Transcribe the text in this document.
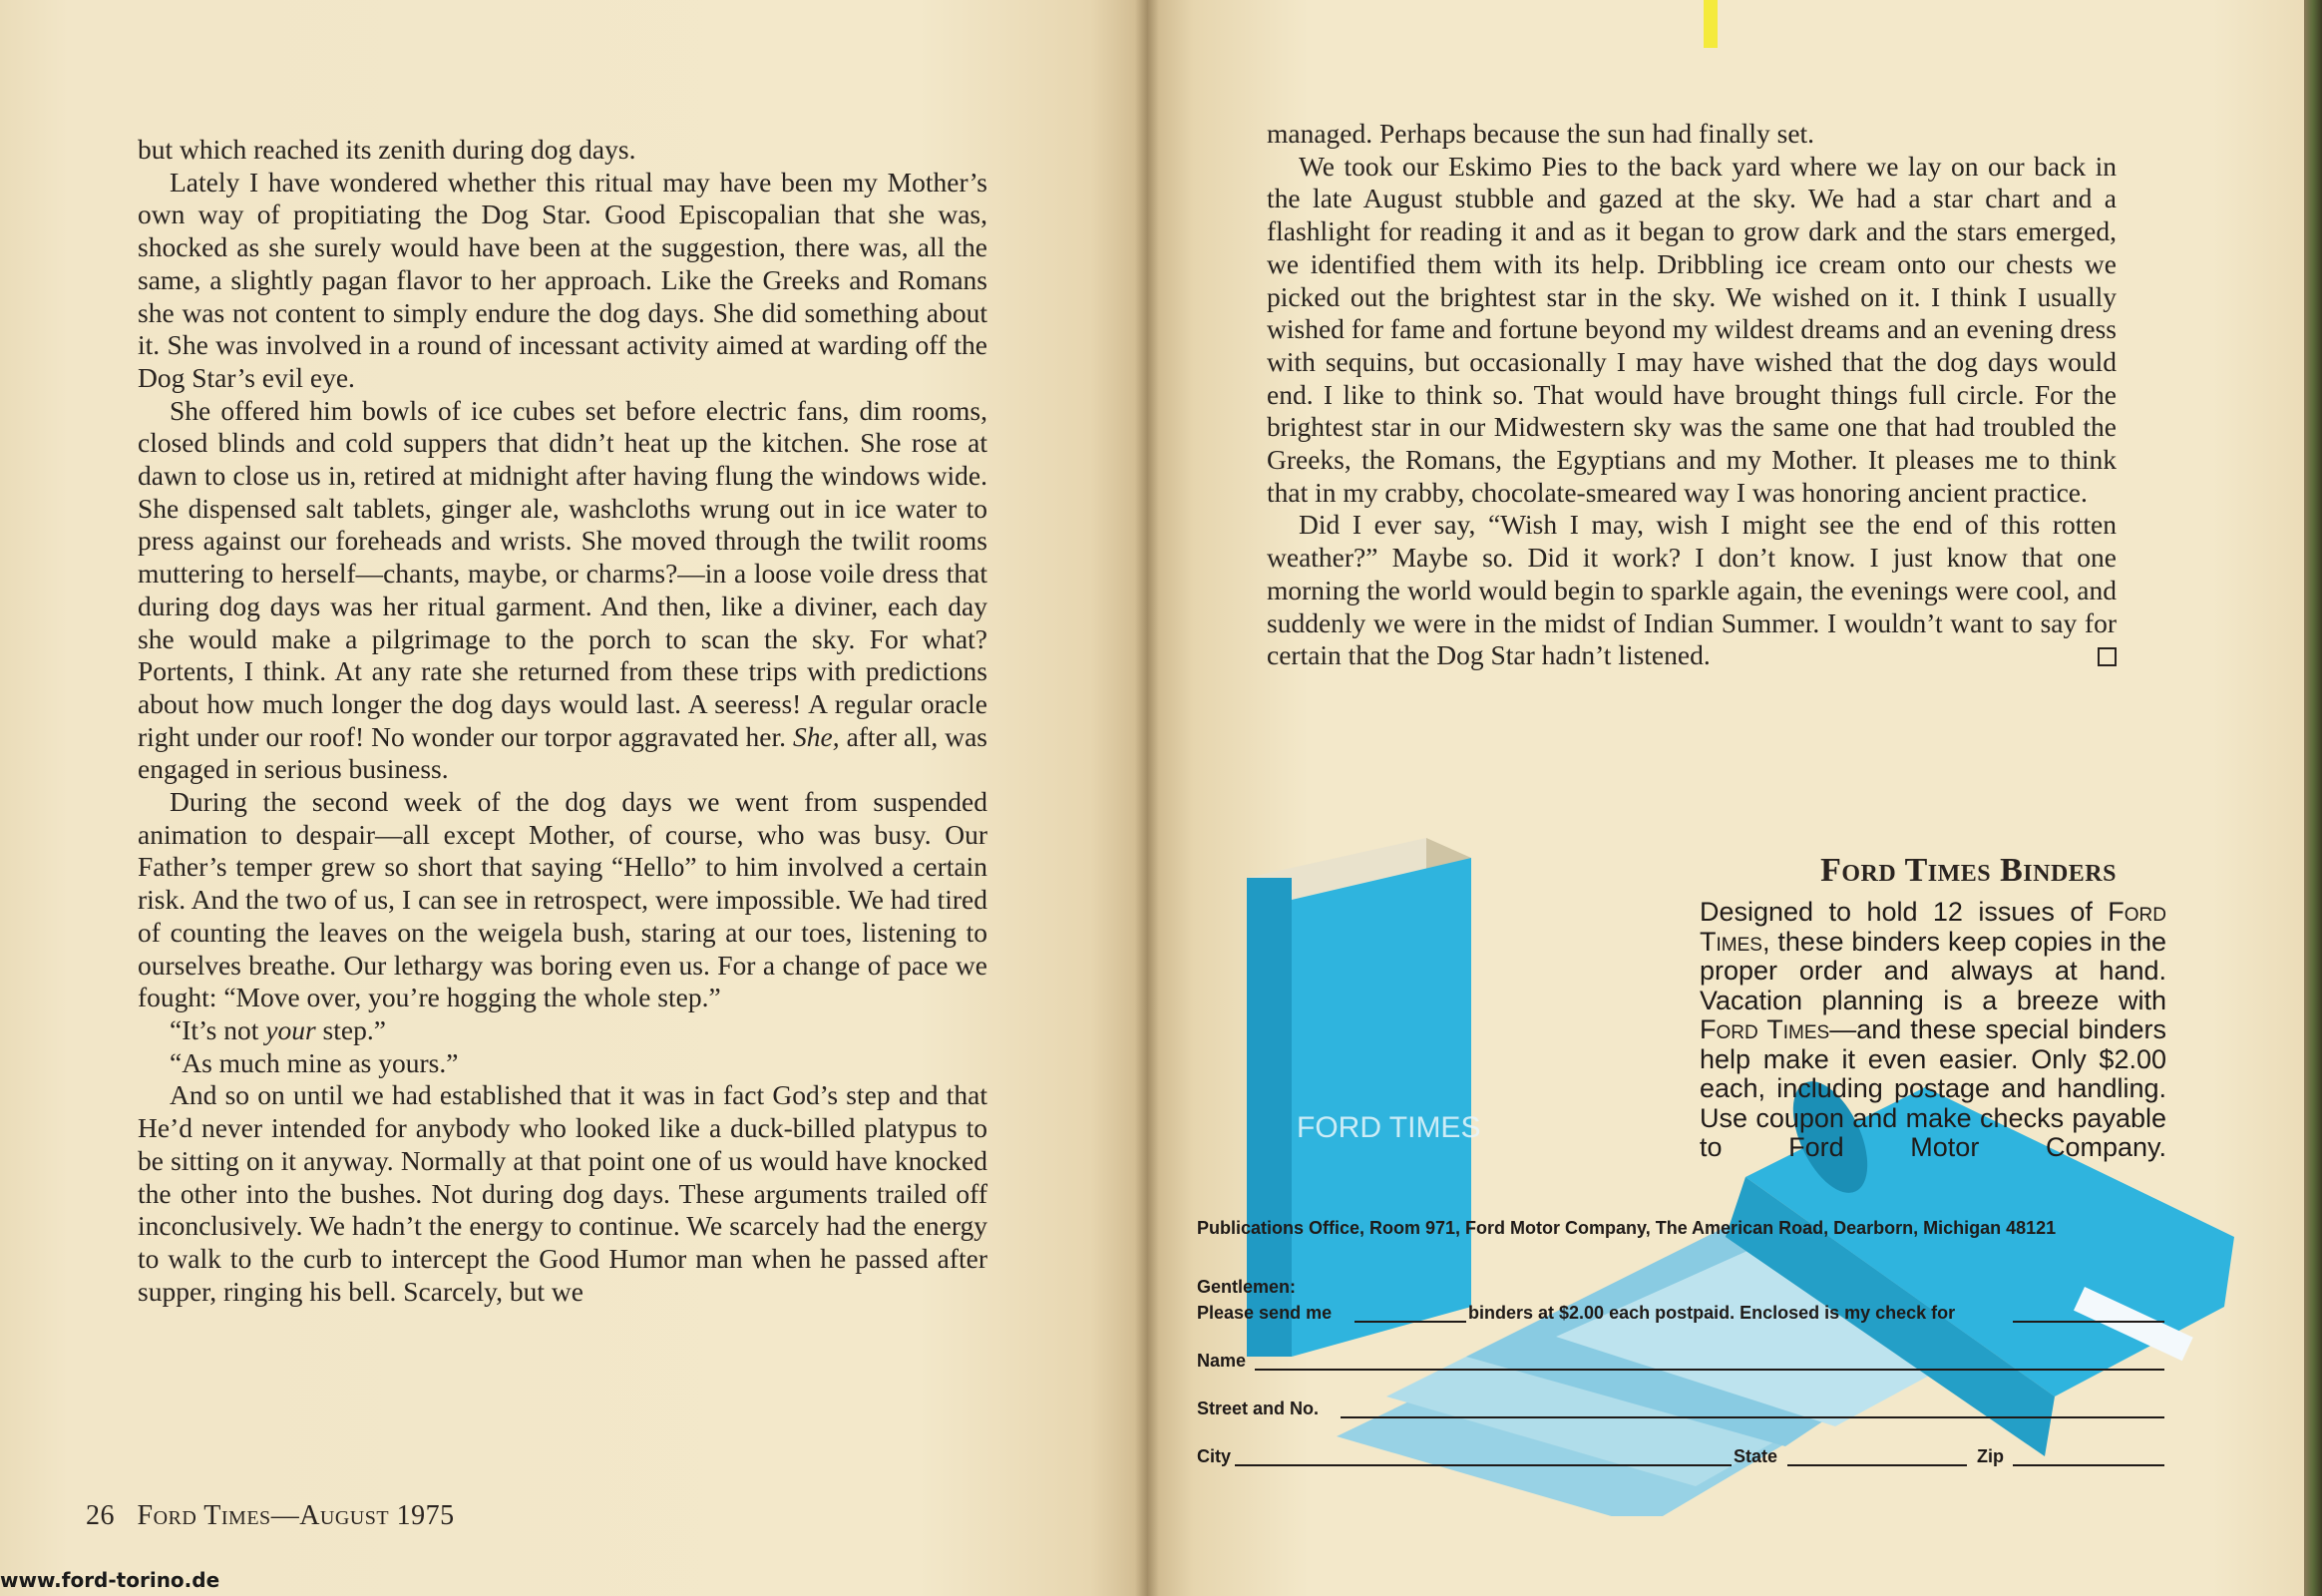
but which reached its zenith during dog days.

Lately I have wondered whether this ritual may have been my Mother’s own way of propitiating the Dog Star. Good Episcopalian that she was, shocked as she surely would have been at the suggestion, there was, all the same, a slightly pagan flavor to her approach. Like the Greeks and Romans she was not content to simply endure the dog days. She did something about it. She was involved in a round of incessant activity aimed at warding off the Dog Star’s evil eye.

She offered him bowls of ice cubes set before electric fans, dim rooms, closed blinds and cold suppers that didn’t heat up the kitchen. She rose at dawn to close us in, retired at midnight after having flung the windows wide. She dispensed salt tablets, ginger ale, washcloths wrung out in ice water to press against our foreheads and wrists. She moved through the twilit rooms muttering to herself—chants, maybe, or charms?—in a loose voile dress that during dog days was her ritual garment. And then, like a diviner, each day she would make a pilgrimage to the porch to scan the sky. For what? Portents, I think. At any rate she returned from these trips with predictions about how much longer the dog days would last. A seeress! A regular oracle right under our roof! No wonder our torpor aggravated her. She, after all, was engaged in serious business.

During the second week of the dog days we went from suspended animation to despair—all except Mother, of course, who was busy. Our Father’s temper grew so short that saying “Hello” to him involved a certain risk. And the two of us, I can see in retrospect, were impossible. We had tired of counting the leaves on the weigela bush, staring at our toes, listening to ourselves breathe. Our lethargy was boring even us. For a change of pace we fought: “Move over, you’re hogging the whole step.”

“It’s not your step.”

“As much mine as yours.”

And so on until we had established that it was in fact God’s step and that He’d never intended for anybody who looked like a duck-billed platypus to be sitting on it anyway. Normally at that point one of us would have knocked the other into the bushes. Not during dog days. These arguments trailed off inconclusively. We hadn’t the energy to continue. We scarcely had the energy to walk to the curb to intercept the Good Humor man when he passed after supper, ringing his bell. Scarcely, but we

26 Ford Times—August 1975

managed. Perhaps because the sun had finally set.

We took our Eskimo Pies to the back yard where we lay on our back in the late August stubble and gazed at the sky. We had a star chart and a flashlight for reading it and as it began to grow dark and the stars emerged, we identified them with its help. Dribbling ice cream onto our chests we picked out the brightest star in the sky. We wished on it. I think I usually wished for fame and fortune beyond my wildest dreams and an evening dress with sequins, but occasionally I may have wished that the dog days would end. I like to think so. That would have brought things full circle. For the brightest star in our Midwestern sky was the same one that had troubled the Greeks, the Romans, the Egyptians and my Mother. It pleases me to think that in my crabby, chocolate-smeared way I was honoring ancient practice.

Did I ever say, “Wish I may, wish I might see the end of this rotten weather?” Maybe so. Did it work? I don’t know. I just know that one morning the world would begin to sparkle again, the evenings were cool, and suddenly we were in the midst of Indian Summer. I wouldn’t want to say for certain that the Dog Star hadn’t listened.

FORD TIMES
Ford Times Binders
Designed to hold 12 issues of Ford Times, these binders keep copies in the proper order and always at hand. Vacation planning is a breeze with Ford Times—and these special binders help make it even easier. Only $2.00 each, including postage and handling. Use coupon and make checks payable to Ford Motor Company.
Publications Office, Room 971, Ford Motor Company, The American Road, Dearborn, Michigan 48121
Gentlemen:
Please send me	binders at $2.00 each postpaid. Enclosed is my check for
Name
Street and No.
City	State	Zip
www.ford-torino.de
